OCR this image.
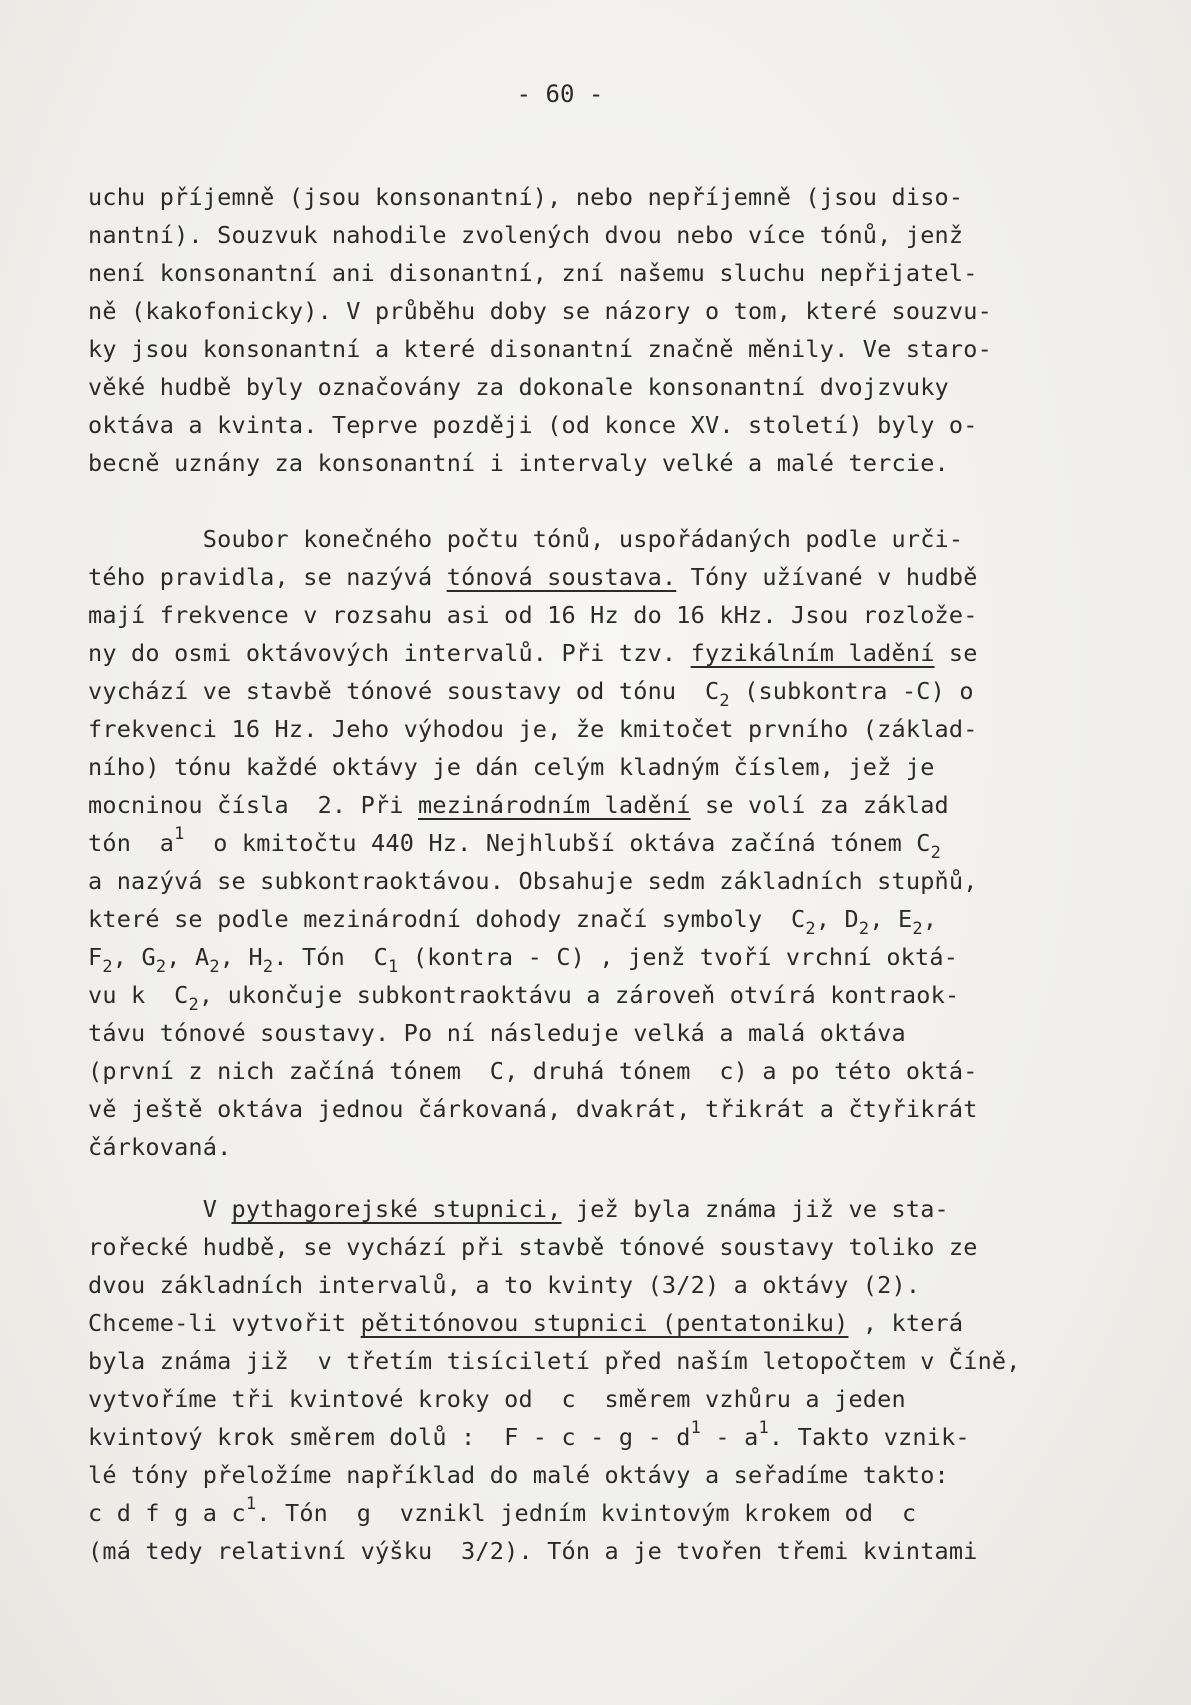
- 60 -
uchu příjemně (jsou konsonantní), nebo nepříjemně (jsou diso-
nantní). Souzvuk nahodile zvolených dvou nebo více tónů, jenž
není konsonantní ani disonantní, zní našemu sluchu nepřijatel-
ně (kakofonicky). V průběhu doby se názory o tom, které souzvu-
ky jsou konsonantní a které disonantní značně měnily. Ve staro-
věké hudbě byly označovány za dokonale konsonantní dvojzvuky
oktáva a kvinta. Teprve později (od konce XV. století) byly o-
becně uznány za konsonantní i intervaly velké a malé tercie.
Soubor konečného počtu tónů, uspořádaných podle urči-
tého pravidla, se nazývá tónová soustava. Tóny užívané v hudbě
mají frekvence v rozsahu asi od 16 Hz do 16 kHz. Jsou rozlože-
ny do osmi oktávových intervalů. Při tzv. fyzikálním ladění se
vychází ve stavbě tónové soustavy od tónu  $C_2$ (subkontra -C) o
frekvenci 16 Hz. Jeho výhodou je, že kmitočet prvního (základ-
ního) tónu každé oktávy je dán celým kladným číslem, jež je
mocninou čísla  2. Při mezinárodním ladění se volí za základ
tón  $a^1$  o kmitočtu 440 Hz. Nejhlubší oktáva začíná tónem $C_2$
a nazývá se subkontraoktávou. Obsahuje sedm základních stupňů,
které se podle mezinárodní dohody značí symboly  $C_2$, $D_2$, $E_2$,
$F_2$, $G_2$, $A_2$, $H_2$. Tón  $C_1$ (kontra - C) , jenž tvoří vrchní oktá-
vu k  $C_2$, ukončuje subkontraoktávu a zároveň otvírá kontraok-
távu tónové soustavy. Po ní následuje velká a malá oktáva
(první z nich začíná tónem  C, druhá tónem  c) a po této oktá-
vě ještě oktáva jednou čárkovaná, dvakrát, třikrát a čtyřikrát
čárkovaná.
V pythagorejské stupnici, jež byla známa již ve sta-
rořecké hudbě, se vychází při stavbě tónové soustavy toliko ze
dvou základních intervalů, a to kvinty (3/2) a oktávy (2).
Chceme-li vytvořit pětitónovou stupnici (pentatoniku) , která
byla známa již  v třetím tisíciletí před naším letopočtem v Číně,
vytvoříme tři kvintové kroky od  c  směrem vzhůru a jeden
kvintový krok směrem dolů :  F - c - g - $d^1 - a^1$. Takto vznik-
lé tóny přeložíme například do malé oktávy a seřadíme takto:
c d f g a $c^1$. Tón  g  vznikl jedním kvintovým krokem od  c
(má tedy relativní výšku  3/2). Tón a je tvořen třemi kvintami
